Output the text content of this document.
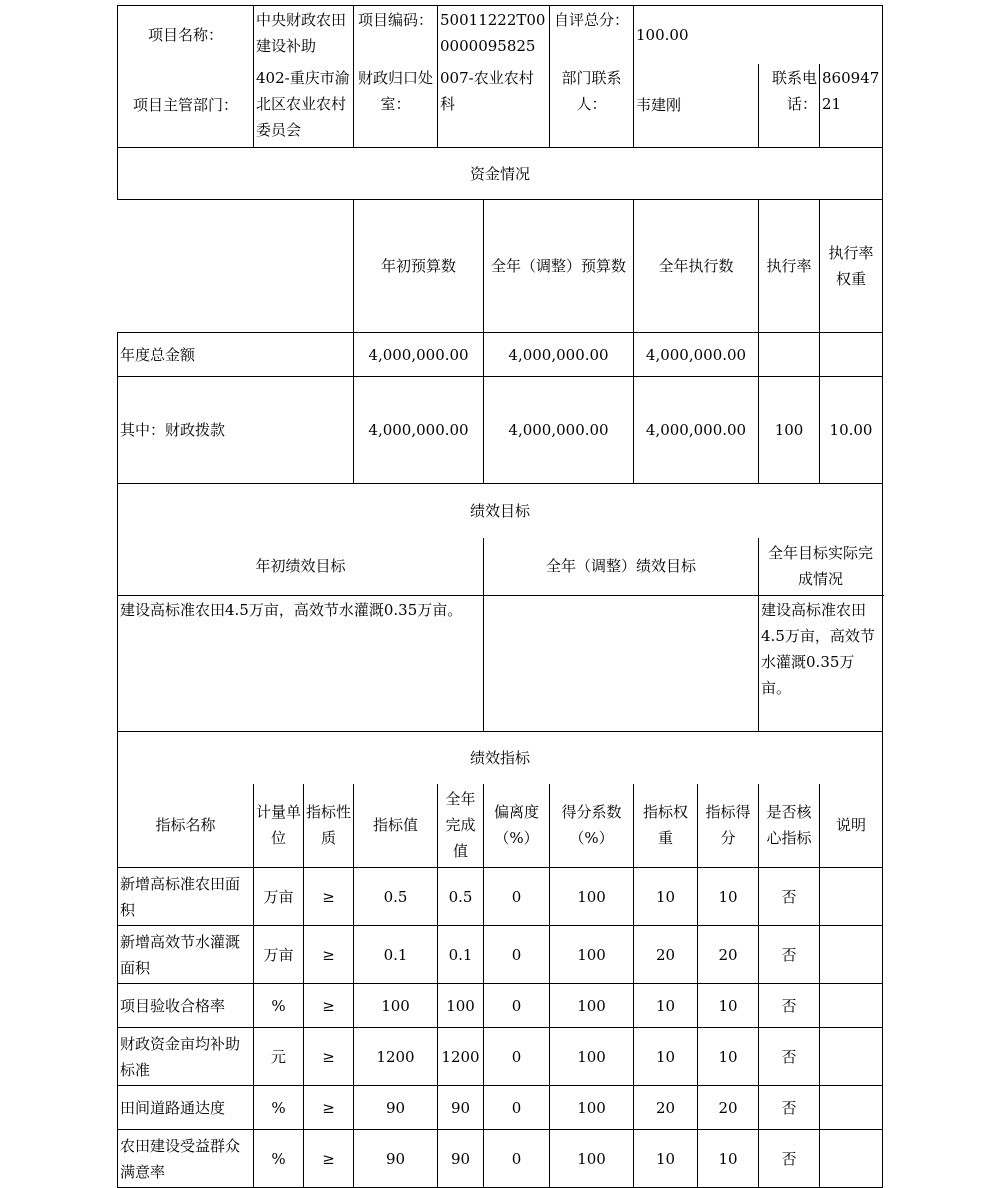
项目名称：	中央财政农田建设补助		项目编码：	50011222T000000095825		自评总分：	100.00				
项目主管部门：	402-重庆市渝北区农业农村委员会		财政归口处室：	007-农业农村科		部门联系人：	韦建刚		联系电话：	86094721	
资金情况											
			年初预算数		全年（调整）预算数		全年执行数		执行率	执行率权重	
年度总金额			4,000,000.00		4,000,000.00		4,000,000.00				
其中：财政拨款			4,000,000.00		4,000,000.00		4,000,000.00		100	10.00	
绩效目标											
年初绩效目标					全年（调整）绩效目标				全年目标实际完成情况		
建设高标准农田4.5万亩，高效节水灌溉0.35万亩。									建设高标准农田4.5万亩，高效节水灌溉0.35万亩。		
绩效指标											
指标名称	计量单位	指标性质	指标值	全年完成值	偏离度（%）	得分系数（%）	指标权重	指标得分	是否核心指标	说明	
新增高标准农田面积	万亩	≥	0.5	0.5	0	100	10	10	否		
新增高效节水灌溉面积	万亩	≥	0.1	0.1	0	100	20	20	否		
项目验收合格率	%	≥	100	100	0	100	10	10	否		
财政资金亩均补助标准	元	≥	1200	1200	0	100	10	10	否		
田间道路通达度	%	≥	90	90	0	100	20	20	否		
农田建设受益群众满意率	%	≥	90	90	0	100	10	10	否		
